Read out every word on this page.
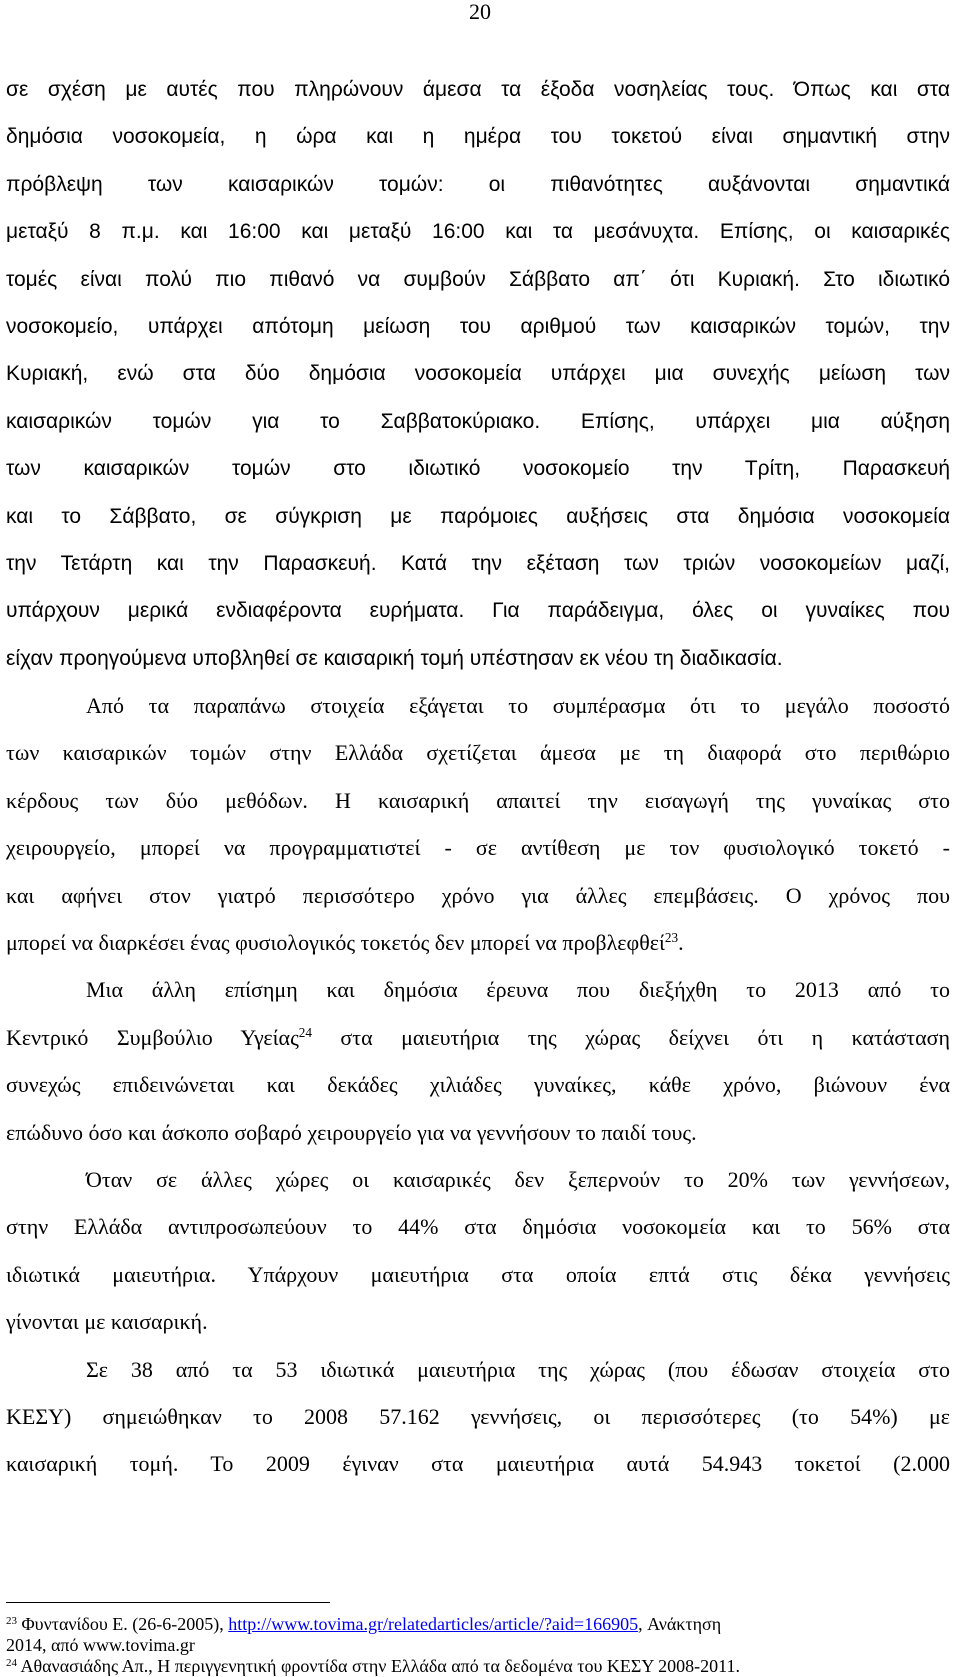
20
σε σχέση με αυτές που πληρώνουν άμεσα τα έξοδα νοσηλείας τους. Όπως και στα
δημόσια νοσοκομεία, η ώρα και η ημέρα του τοκετού είναι σημαντική στην
πρόβλεψη των καισαρικών τομών: οι πιθανότητες αυξάνονται σημαντικά
μεταξύ 8 π.μ. και 16:00 και μεταξύ 16:00 και τα μεσάνυχτα. Επίσης, οι καισαρικές
τομές είναι πολύ πιο πιθανό να συμβούν Σάββατο απ΄ ότι Κυριακή. Στο ιδιωτικό
νοσοκομείο, υπάρχει απότομη μείωση του αριθμού των καισαρικών τομών, την
Κυριακή, ενώ στα δύο δημόσια νοσοκομεία υπάρχει μια συνεχής μείωση των
καισαρικών τομών για το Σαββατοκύριακο. Επίσης, υπάρχει μια αύξηση
των καισαρικών τομών στο ιδιωτικό νοσοκομείο την Τρίτη, Παρασκευή
και το Σάββατο, σε σύγκριση με παρόμοιες αυξήσεις στα δημόσια νοσοκομεία
την Τετάρτη και την Παρασκευή. Κατά την εξέταση των τριών νοσοκομείων μαζί,
υπάρχουν μερικά ενδιαφέροντα ευρήματα. Για παράδειγμα, όλες οι γυναίκες που
είχαν προηγούμενα υποβληθεί σε καισαρική τομή υπέστησαν εκ νέου τη διαδικασία.
Από τα παραπάνω στοιχεία εξάγεται το συμπέρασμα ότι το μεγάλο ποσοστό
των καισαρικών τομών στην Ελλάδα σχετίζεται άμεσα με τη διαφορά στο περιθώριο
κέρδους των δύο μεθόδων. Η καισαρική απαιτεί την εισαγωγή της γυναίκας στο
χειρουργείο, μπορεί να προγραμματιστεί - σε αντίθεση με τον φυσιολογικό τοκετό -
και αφήνει στον γιατρό περισσότερο χρόνο για άλλες επεμβάσεις. Ο χρόνος που
μπορεί να διαρκέσει ένας φυσιολογικός τοκετός δεν μπορεί να προβλεφθεί$^{23}$.
Μια άλλη επίσημη και δημόσια έρευνα που διεξήχθη το 2013 από το
Κεντρικό Συμβούλιο Υγείας$^{24}$ στα μαιευτήρια της χώρας δείχνει ότι η κατάσταση
συνεχώς επιδεινώνεται και δεκάδες χιλιάδες γυναίκες, κάθε χρόνο, βιώνουν ένα
επώδυνο όσο και άσκοπο σοβαρό χειρουργείο για να γεννήσουν το παιδί τους.
Όταν σε άλλες χώρες οι καισαρικές δεν ξεπερνούν το 20% των γεννήσεων,
στην Ελλάδα αντιπροσωπεύουν το 44% στα δημόσια νοσοκομεία και το 56% στα
ιδιωτικά μαιευτήρια. Υπάρχουν μαιευτήρια στα οποία επτά στις δέκα γεννήσεις
γίνονται με καισαρική.
Σε 38 από τα 53 ιδιωτικά μαιευτήρια της χώρας (που έδωσαν στοιχεία στο
ΚΕΣΥ) σημειώθηκαν το 2008 57.162 γεννήσεις, οι περισσότερες (το 54%) με
καισαρική τομή. Το 2009 έγιναν στα μαιευτήρια αυτά 54.943 τοκετοί (2.000
$^{23}$ Φυντανίδου Ε. (26-6-2005), http://www.tovima.gr/relatedarticles/article/?aid=166905, Ανάκτηση
2014, από www.tovima.gr
$^{24}$ Αθανασιάδης Απ., Η περιγγενητική φροντίδα στην Ελλάδα από τα δεδομένα του ΚΕΣΥ 2008-2011.
